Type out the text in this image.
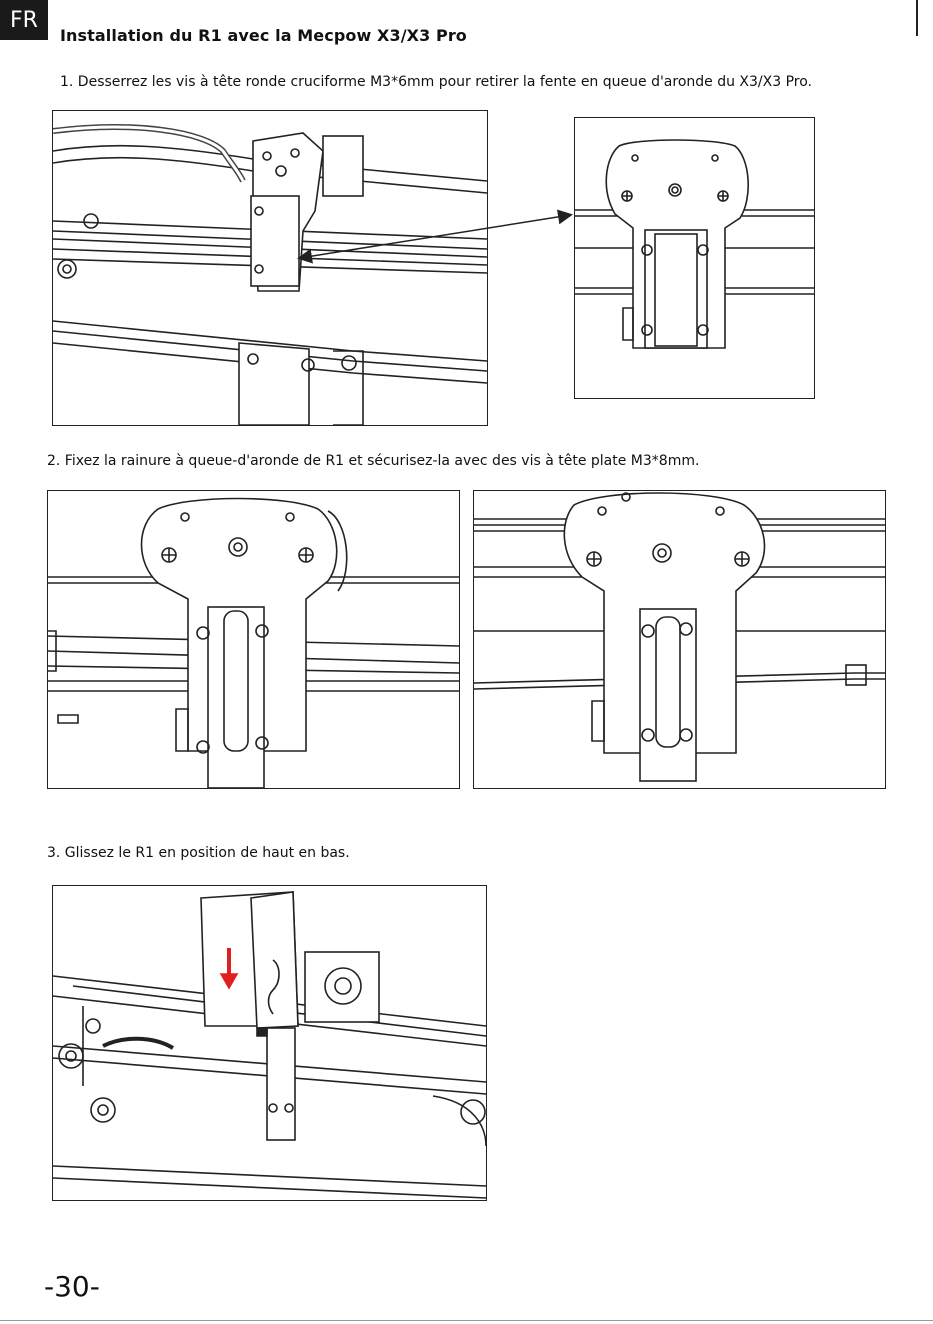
FR
Installation du R1 avec la Mecpow X3/X3 Pro
1. Desserrez les vis à tête ronde cruciforme M3*6mm pour retirer la fente en queue d'aronde du X3/X3 Pro.
2. Fixez la rainure à queue-d'aronde de R1 et sécurisez-la avec des vis à tête plate M3*8mm.
3. Glissez le R1 en position de haut en bas.
-30-
